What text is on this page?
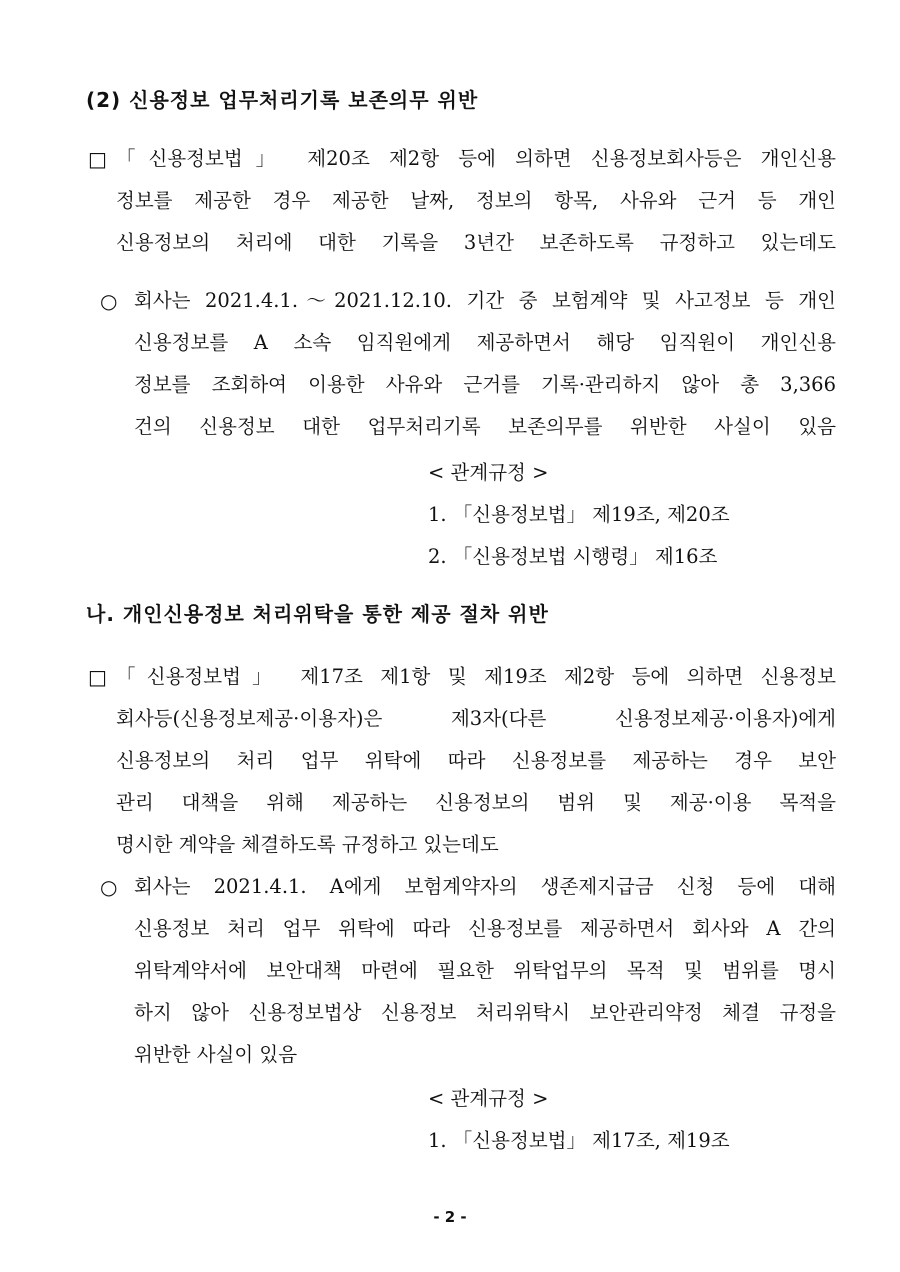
(2) 신용정보 업무처리기록 보존의무 위반
□ 「신용정보법」 제20조 제2항 등에 의하면 신용정보회사등은 개인신용
정보를 제공한 경우 제공한 날짜, 정보의 항목, 사유와 근거 등 개인
신용정보의 처리에 대한 기록을 3년간 보존하도록 규정하고 있는데도
○ 회사는 2021.4.1.～2021.12.10. 기간 중 보험계약 및 사고정보 등 개인
신용정보를 A 소속 임직원에게 제공하면서 해당 임직원이 개인신용
정보를 조회하여 이용한 사유와 근거를 기록·관리하지 않아 총 3,366
건의 신용정보 대한 업무처리기록 보존의무를 위반한 사실이 있음
< 관계규정 >
1. 「신용정보법」 제19조, 제20조
2. 「신용정보법 시행령」 제16조
나. 개인신용정보 처리위탁을 통한 제공 절차 위반
□ 「신용정보법」 제17조 제1항 및 제19조 제2항 등에 의하면 신용정보
회사등(신용정보제공·이용자)은 제3자(다른 신용정보제공·이용자)에게
신용정보의 처리 업무 위탁에 따라 신용정보를 제공하는 경우 보안
관리 대책을 위해 제공하는 신용정보의 범위 및 제공·이용 목적을
명시한 계약을 체결하도록 규정하고 있는데도
○ 회사는 2021.4.1. A에게 보험계약자의 생존제지급금 신청 등에 대해
신용정보 처리 업무 위탁에 따라 신용정보를 제공하면서 회사와 A 간의
위탁계약서에 보안대책 마련에 필요한 위탁업무의 목적 및 범위를 명시
하지 않아 신용정보법상 신용정보 처리위탁시 보안관리약정 체결 규정을
위반한 사실이 있음
< 관계규정 >
1. 「신용정보법」 제17조, 제19조
- 2 -
